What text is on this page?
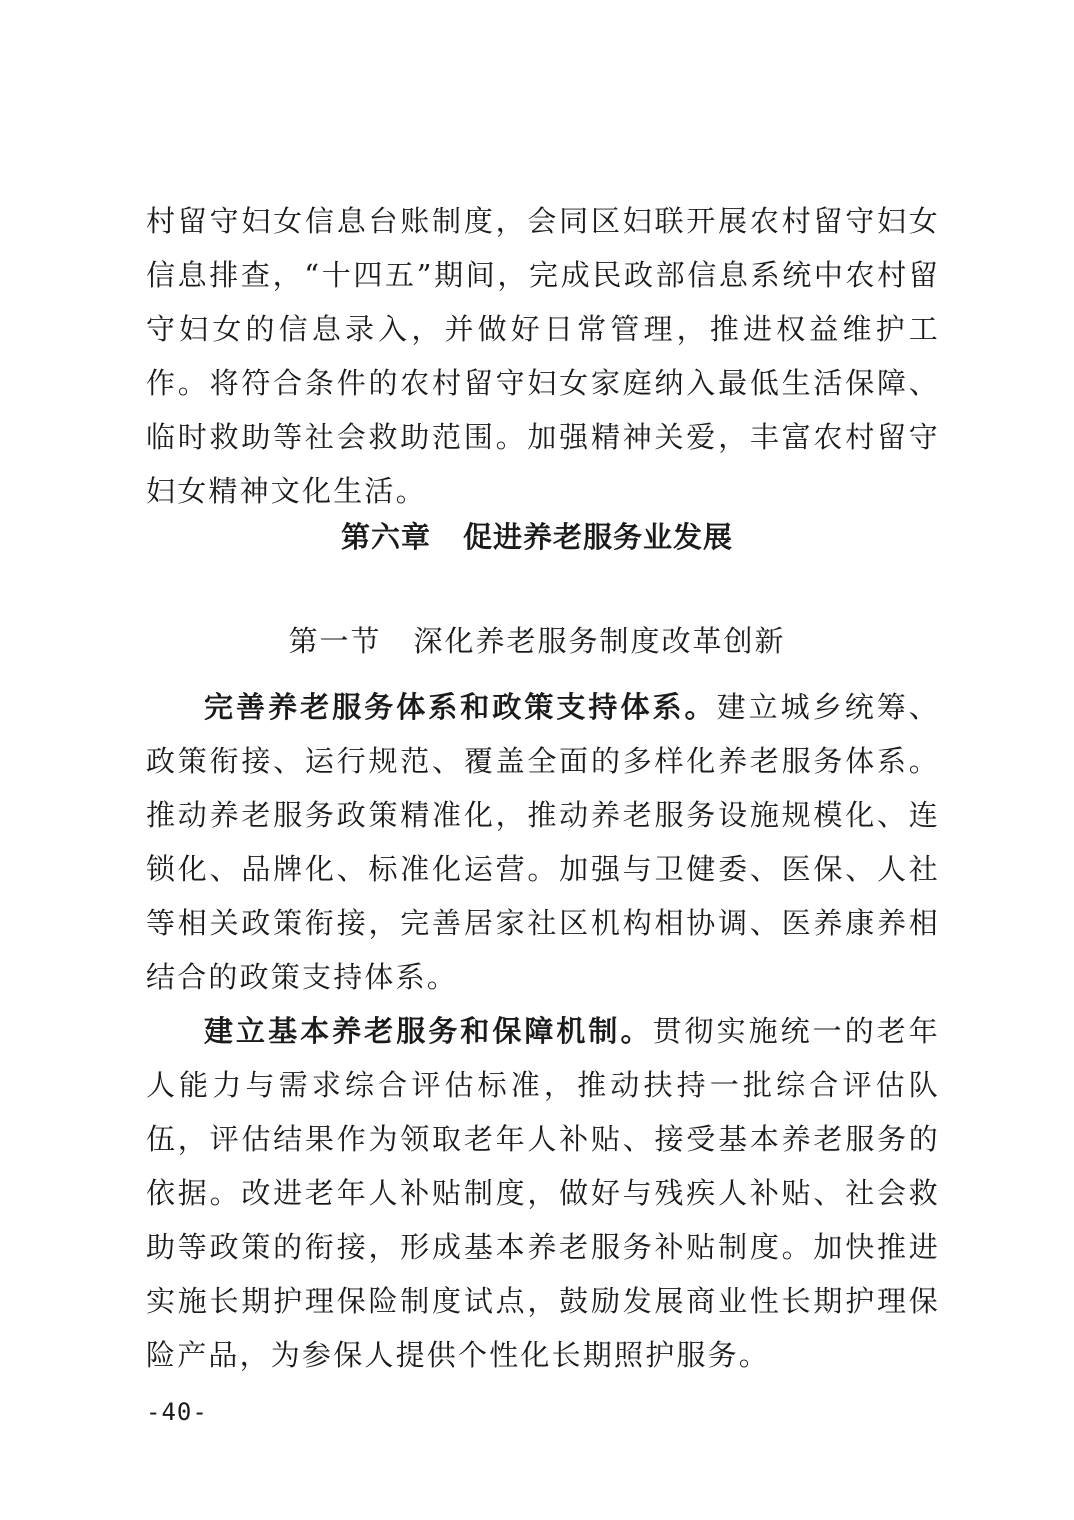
村留守妇女信息台账制度，会同区妇联开展农村留守妇女信息排查，“十四五”期间，完成民政部信息系统中农村留守妇女的信息录入，并做好日常管理，推进权益维护工作。将符合条件的农村留守妇女家庭纳入最低生活保障、临时救助等社会救助范围。加强精神关爱，丰富农村留守妇女精神文化生活。

第六章 促进养老服务业发展
第一节 深化养老服务制度改革创新

完善养老服务体系和政策支持体系。建立城乡统筹、政策衔接、运行规范、覆盖全面的多样化养老服务体系。推动养老服务政策精准化，推动养老服务设施规模化、连锁化、品牌化、标准化运营。加强与卫健委、医保、人社等相关政策衔接，完善居家社区机构相协调、医养康养相结合的政策支持体系。

建立基本养老服务和保障机制。贯彻实施统一的老年人能力与需求综合评估标准，推动扶持一批综合评估队伍，评估结果作为领取老年人补贴、接受基本养老服务的依据。改进老年人补贴制度，做好与残疾人补贴、社会救助等政策的衔接，形成基本养老服务补贴制度。加快推进实施长期护理保险制度试点，鼓励发展商业性长期护理保险产品，为参保人提供个性化长期照护服务。

-40-
